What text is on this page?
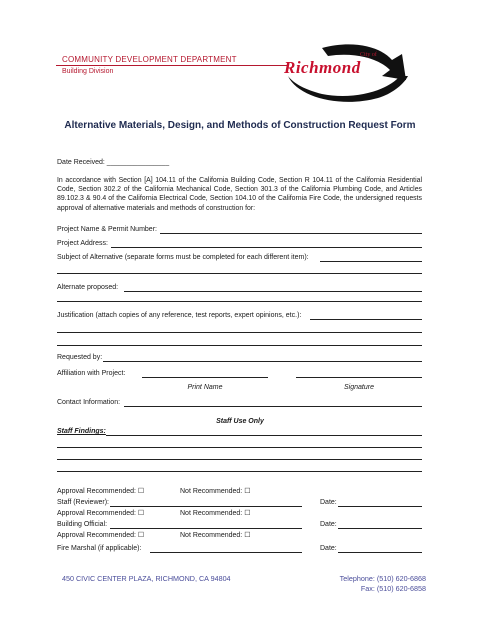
COMMUNITY DEVELOPMENT DEPARTMENT
Building Division
City of
Richmond
Alternative Materials, Design, and Methods of Construction Request Form
Date Received: ________________
In accordance with Section [A] 104.11 of the California Building Code, Section R 104.11 of the California Residential Code, Section 302.2 of the California Mechanical Code, Section 301.3 of the California Plumbing Code, and Articles 89.102.3 & 90.4 of the California Electrical Code, Section 104.10 of the California Fire Code, the undersigned requests approval of alternative materials and methods of construction for:
Project Name & Permit Number:
Project Address:
Subject of Alternative (separate forms must be completed for each different item):
Alternate proposed:
Justification (attach copies of any reference, test reports, expert opinions, etc.):
Requested by:
Affiliation with Project:
Print Name	Signature
Contact Information:
Staff Use Only
Staff Findings:
Approval Recommended: ☐	Not Recommended: ☐
Staff (Reviewer):	Date:
Approval Recommended: ☐	Not Recommended: ☐
Building Official:	Date:
Approval Recommended: ☐	Not Recommended: ☐
Fire Marshal (if applicable):	Date:
450 CIVIC CENTER PLAZA, RICHMOND, CA 94804	Telephone: (510) 620-6868
Fax: (510) 620-6858
